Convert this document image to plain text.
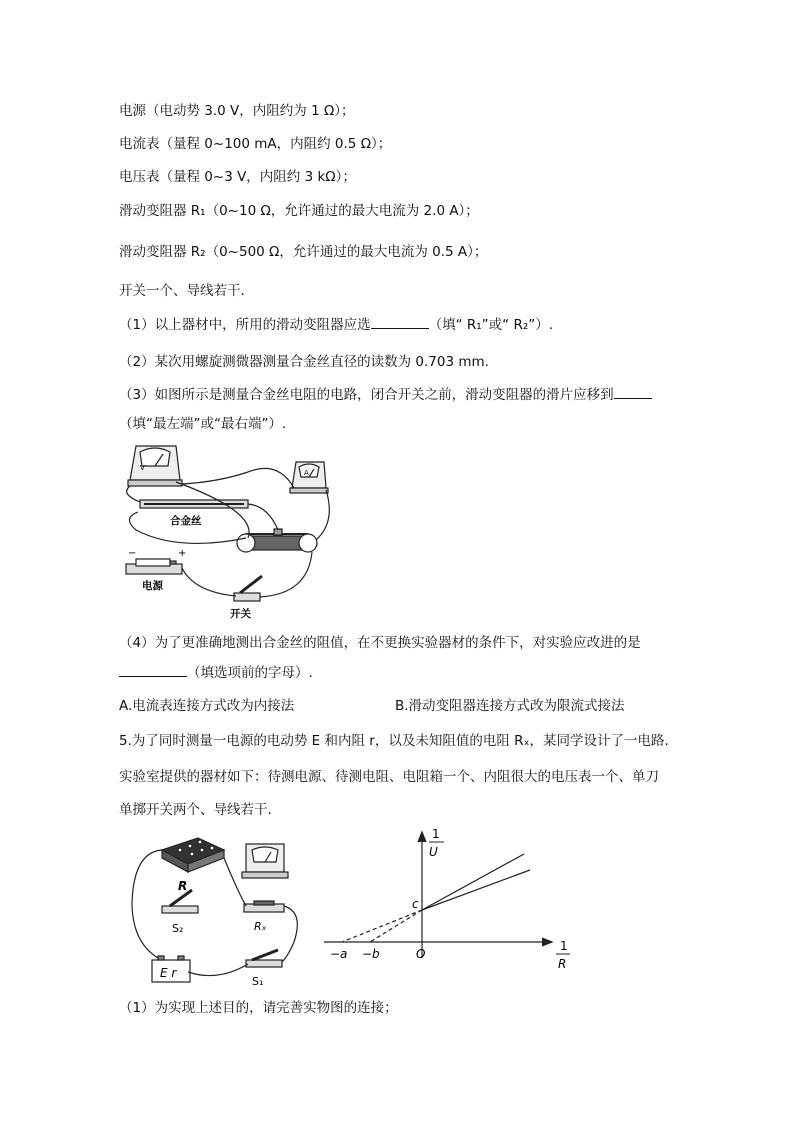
电源（电动势 3.0 V，内阻约为 1 Ω）；
电流表（量程 0~100 mA，内阻约 0.5 Ω）；
电压表（量程 0~3 V，内阻约 3 kΩ）；
滑动变阻器 R₁（0~10 Ω，允许通过的最大电流为 2.0 A）；
滑动变阻器 R₂（0~500 Ω，允许通过的最大电流为 0.5 A）；
开关一个、导线若干.
（1）以上器材中，所用的滑动变阻器应选	（填“ R₁”或“ R₂”）.
（2）某次用螺旋测微器测量合金丝直径的读数为 0.703 mm.
（3）如图所示是测量合金丝电阻的电路，闭合开关之前，滑动变阻器的滑片应移到
（填“最左端”或“最右端”）.
V
A
合金丝
−	+
电源
开关
（4）为了更准确地测出合金丝的阻值，在不更换实验器材的条件下，对实验应改进的是
（填选项前的字母）.
A.电流表连接方式改为内接法	B.滑动变阻器连接方式改为限流式接法
5.为了同时测量一电源的电动势 E 和内阻 r，以及未知阻值的电阻 Rₓ，某同学设计了一电路.
实验室提供的器材如下：待测电源、待测电阻、电阻箱一个、内阻很大的电压表一个、单刀
单掷开关两个、导线若干.
R
S₂	Rₓ
E r
S₁
1
U
1
R
c
−a −b	O
（1）为实现上述目的，请完善实物图的连接；
